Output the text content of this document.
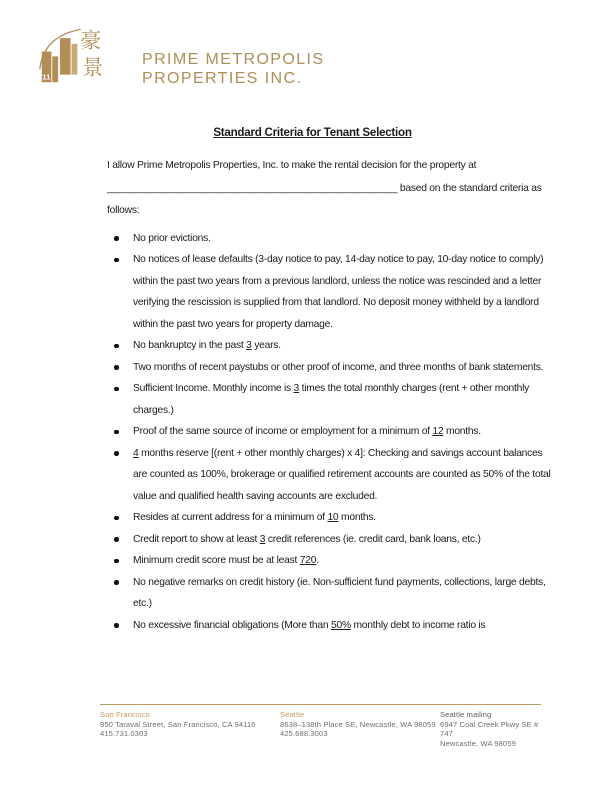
11
豪
景 PRIME METROPOLIS
PROPERTIES INC.
Standard Criteria for Tenant Selection

I allow Prime Metropolis Properties, Inc. to make the rental decision for the property at _____________________________________________________ based on the standard criteria as follows:

No prior evictions.
No notices of lease defaults (3-day notice to pay, 14-day notice to pay, 10-day notice to comply) within the past two years from a previous landlord, unless the notice was rescinded and a letter verifying the rescission is supplied from that landlord. No deposit money withheld by a landlord within the past two years for property damage.
No bankruptcy in the past 3 years.
Two months of recent paystubs or other proof of income, and three months of bank statements.
Sufficient Income. Monthly income is 3 times the total monthly charges (rent + other monthly charges.)
Proof of the same source of income or employment for a minimum of 12 months.
4 months reserve [(rent + other monthly charges) x 4]: Checking and savings account balances are counted as 100%, brokerage or qualified retirement accounts are counted as 50% of the total value and qualified health saving accounts are excluded.
Resides at current address for a minimum of 10 months.
Credit report to show at least 3 credit references (ie. credit card, bank loans, etc.)
Minimum credit score must be at least 720.
No negative remarks on credit history (ie. Non-sufficient fund payments, collections, large debts, etc.)
No excessive financial obligations (More than 50% monthly debt to income ratio is
San Francisco
950 Taraval Street, San Francisco, CA 94116
415.731.0303
Seattle
8638–138th Place SE, Newcastle, WA 98059
425.688.3003
Seattle mailing
6947 Coal Creek Pkwy SE # 747
Newcastle, WA 98059
